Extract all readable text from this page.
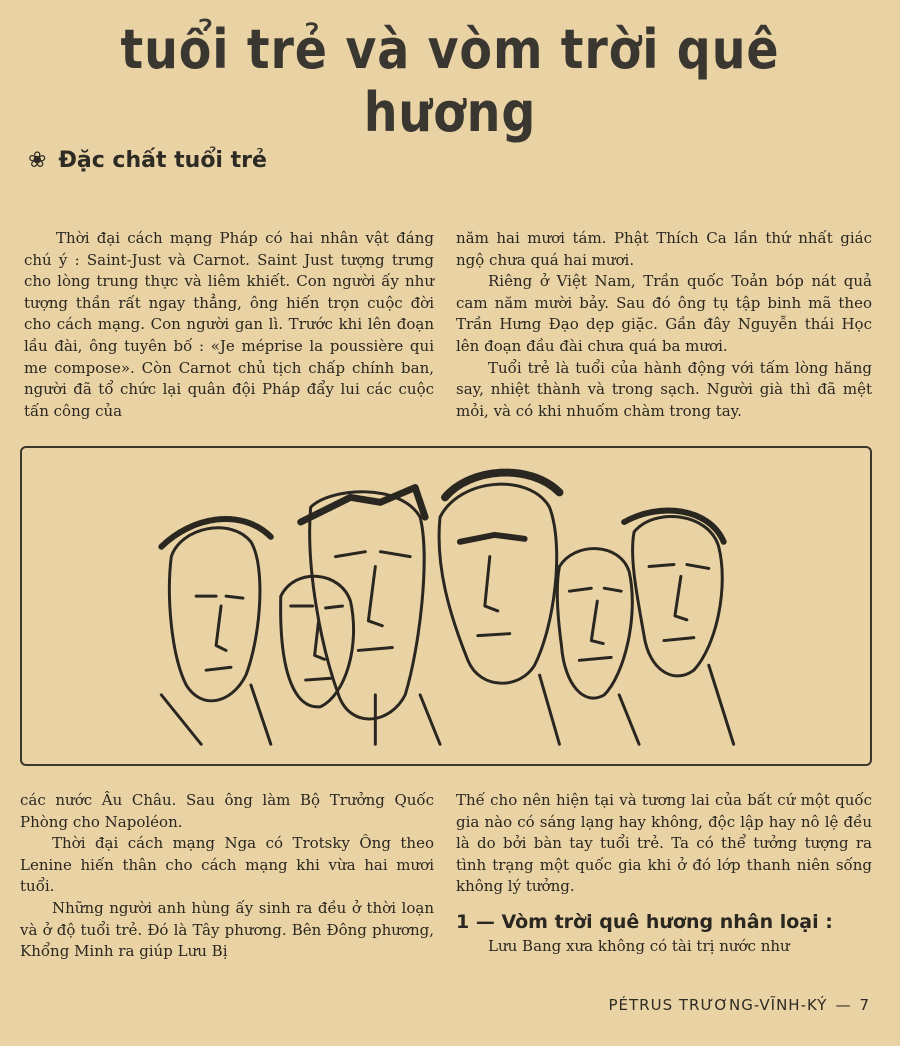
tuổi trẻ và vòm trời quê hương
❀ Đặc chất tuổi trẻ

Thời đại cách mạng Pháp có hai nhân vật đáng chú ý : Saint-Just và Carnot. Saint Just tượng trưng cho lòng trung thực và liêm khiết. Con người ấy như tượng thần rất ngay thẳng, ông hiến trọn cuộc đời cho cách mạng. Con người gan lì. Trước khi lên đoạn lầu đài, ông tuyên bố : «Je méprise la poussière qui me compose». Còn Carnot chủ tịch chấp chính ban, người đã tổ chức lại quân đội Pháp đẩy lui các cuộc tấn công của

năm hai mươi tám. Phật Thích Ca lần thứ nhất giác ngộ chưa quá hai mươi.

Riêng ở Việt Nam, Trần quốc Toản bóp nát quả cam năm mười bảy. Sau đó ông tụ tập binh mã theo Trần Hưng Đạo dẹp giặc. Gần đây Nguyễn thái Học lên đoạn đầu đài chưa quá ba mươi.

Tuổi trẻ là tuổi của hành động với tấm lòng hăng say, nhiệt thành và trong sạch. Người già thì đã mệt mỏi, và có khi nhuốm chàm trong tay.

các nước Âu Châu. Sau ông làm Bộ Trưởng Quốc Phòng cho Napoléon.

Thời đại cách mạng Nga có Trotsky Ông theo Lenine hiến thân cho cách mạng khi vừa hai mươi tuổi.

Những người anh hùng ấy sinh ra đều ở thời loạn và ở độ tuổi trẻ. Đó là Tây phương. Bên Đông phương, Khổng Minh ra giúp Lưu Bị

Thế cho nên hiện tại và tương lai của bất cứ một quốc gia nào có sáng lạng hay không, độc lập hay nô lệ đều là do bởi bàn tay tuổi trẻ. Ta có thể tưởng tượng ra tình trạng một quốc gia khi ở đó lớp thanh niên sống không lý tưởng.

1 — Vòm trời quê hương nhân loại :

Lưu Bang xưa không có tài trị nước như

PÉTRUS TRƯƠNG-VĨNH-KÝ — 7
